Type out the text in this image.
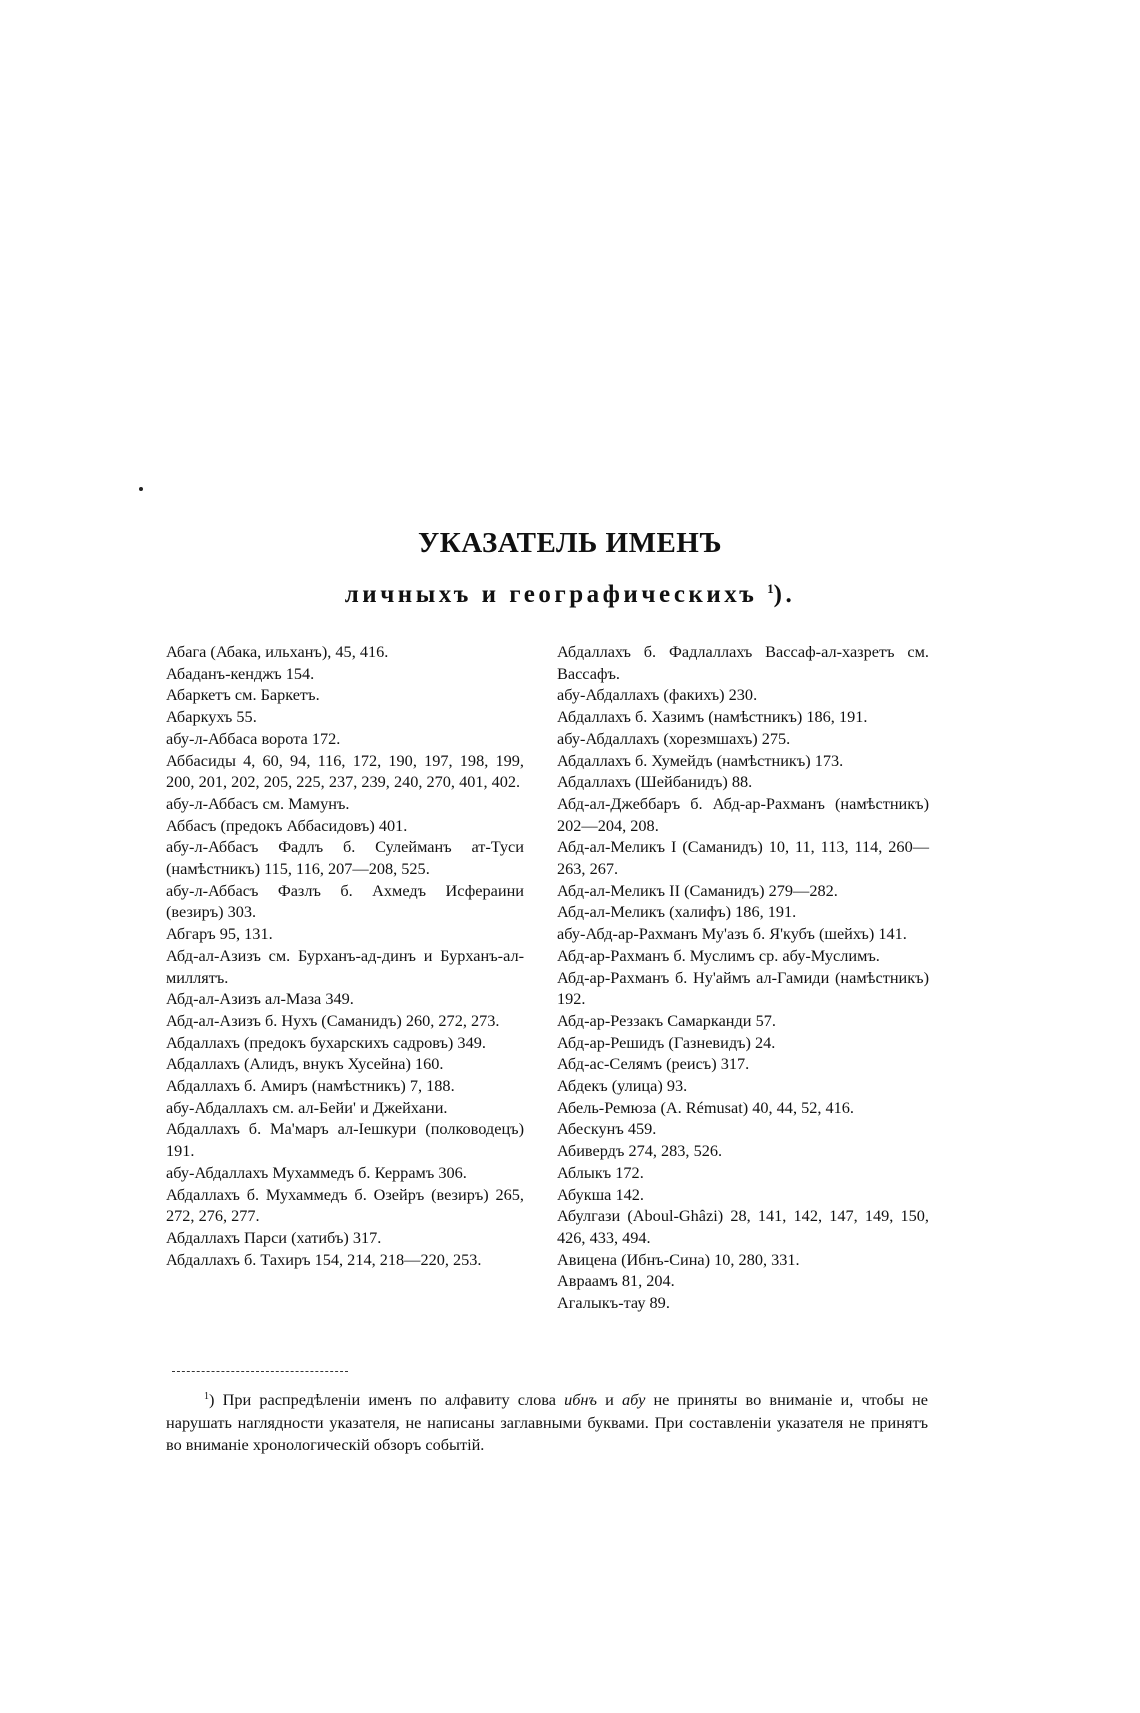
УКАЗАТЕЛЬ ИМЕНЪ
личныхъ и географическихъ $^1$).

Абага (Абака, ильханъ), 45, 416.

Абаданъ-кенджъ 154.

Абаркетъ см. Баркетъ.

Абаркухъ 55.

абу-л-Аббаса ворота 172.

Аббасиды 4, 60, 94, 116, 172, 190, 197, 198, 199, 200, 201, 202, 205, 225, 237, 239, 240, 270, 401, 402.

абу-л-Аббасъ см. Мамунъ.

Аббасъ (предокъ Аббасидовъ) 401.

абу-л-Аббасъ Фадлъ б. Сулейманъ ат-Туси (намѣстникъ) 115, 116, 207—208, 525.

абу-л-Аббасъ Фазлъ б. Ахмедъ Исфераини (везиръ) 303.

Абгаръ 95, 131.

Абд-ал-Азизъ см. Бурханъ-ад-динъ и Бурханъ-ал-миллятъ.

Абд-ал-Азизъ ал-Маза 349.

Абд-ал-Азизъ б. Нухъ (Саманидъ) 260, 272, 273.

Абдаллахъ (предокъ бухарскихъ садровъ) 349.

Абдаллахъ (Алидъ, внукъ Хусейна) 160.

Абдаллахъ б. Амиръ (намѣстникъ) 7, 188.

абу-Абдаллахъ см. ал-Бейи' и Джейхани.

Абдаллахъ б. Ма'маръ ал-Іешкури (полководецъ) 191.

абу-Абдаллахъ Мухаммедъ б. Керрамъ 306.

Абдаллахъ б. Мухаммедъ б. Озейръ (везиръ) 265, 272, 276, 277.

Абдаллахъ Парси (хатибъ) 317.

Абдаллахъ б. Тахиръ 154, 214, 218—220, 253.

Абдаллахъ б. Фадлаллахъ Вассаф-ал-хазретъ см. Вассафъ.

абу-Абдаллахъ (факихъ) 230.

Абдаллахъ б. Хазимъ (намѣстникъ) 186, 191.

абу-Абдаллахъ (хорезмшахъ) 275.

Абдаллахъ б. Хумейдъ (намѣстникъ) 173.

Абдаллахъ (Шейбанидъ) 88.

Абд-ал-Джеббаръ б. Абд-ар-Рахманъ (намѣстникъ) 202—204, 208.

Абд-ал-Меликъ I (Саманидъ) 10, 11, 113, 114, 260—263, 267.

Абд-ал-Меликъ II (Саманидъ) 279—282.

Абд-ал-Меликъ (халифъ) 186, 191.

абу-Абд-ар-Рахманъ Му'азъ б. Я'кубъ (шейхъ) 141.

Абд-ар-Рахманъ б. Муслимъ ср. абу-Муслимъ.

Абд-ар-Рахманъ б. Ну'аймъ ал-Гамиди (намѣстникъ) 192.

Абд-ар-Реззакъ Самарканди 57.

Абд-ар-Решидъ (Газневидъ) 24.

Абд-ас-Селямъ (реисъ) 317.

Абдекъ (улица) 93.

Абель-Ремюза (A. Rémusat) 40, 44, 52, 416.

Абескунъ 459.

Абивердъ 274, 283, 526.

Аблыкъ 172.

Абукша 142.

Абулгази (Aboul-Ghâzi) 28, 141, 142, 147, 149, 150, 426, 433, 494.

Авицена (Ибнъ-Сина) 10, 280, 331.

Авраамъ 81, 204.

Агалыкъ-тау 89.

$^1$) При распредѣленіи именъ по алфавиту слова ибнъ и абу не приняты во вниманіе и, чтобы не нарушать наглядности указателя, не написаны заглавными буквами. При составленіи указателя не принятъ во вниманіе хронологическій обзоръ событій.
